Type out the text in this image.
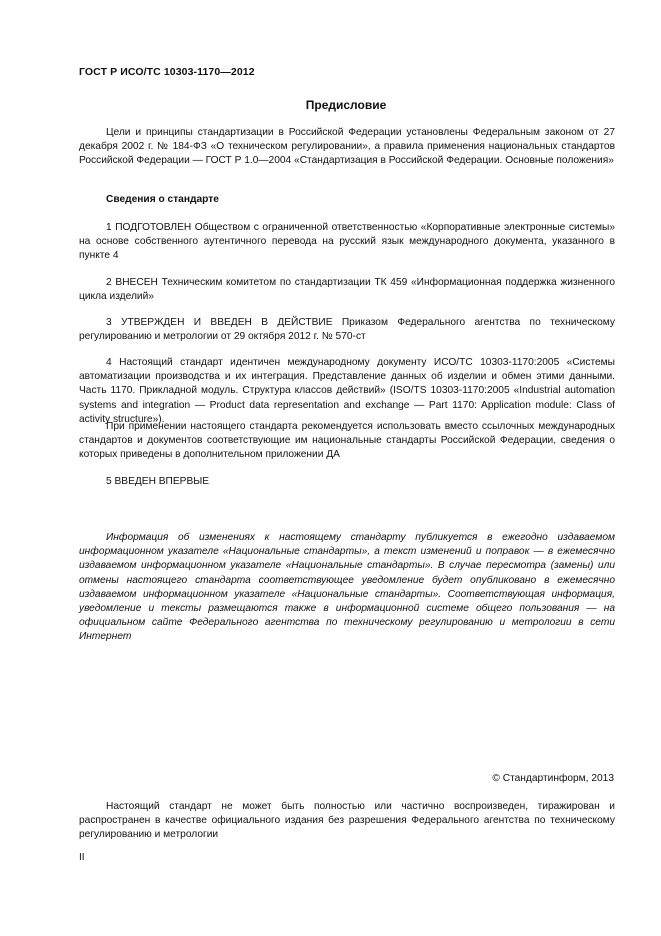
ГОСТ Р ИСО/ТС 10303-1170—2012
Предисловие
Цели и принципы стандартизации в Российской Федерации установлены Федеральным законом от 27 декабря 2002 г. № 184-ФЗ «О техническом регулировании», а правила применения национальных стандартов Российской Федерации — ГОСТ Р 1.0—2004 «Стандартизация в Российской Федерации. Основные положения»
Сведения о стандарте
1 ПОДГОТОВЛЕН Обществом с ограниченной ответственностью «Корпоративные электронные системы» на основе собственного аутентичного перевода на русский язык международного документа, указанного в пункте 4
2 ВНЕСЕН Техническим комитетом по стандартизации ТК 459 «Информационная поддержка жизненного цикла изделий»
3 УТВЕРЖДЕН И ВВЕДЕН В ДЕЙСТВИЕ Приказом Федерального агентства по техническому регулированию и метрологии от 29 октября 2012 г. № 570-ст
4 Настоящий стандарт идентичен международному документу ИСО/ТС 10303-1170:2005 «Системы автоматизации производства и их интеграция. Представление данных об изделии и обмен этими данными. Часть 1170. Прикладной модуль. Структура классов действий» (ISO/TS 10303-1170:2005 «Industrial automation systems and integration — Product data representation and exchange — Part 1170: Application module: Class of activity structure»).
При применении настоящего стандарта рекомендуется использовать вместо ссылочных международных стандартов и документов соответствующие им национальные стандарты Российской Федерации, сведения о которых приведены в дополнительном приложении ДА
5 ВВЕДЕН ВПЕРВЫЕ
Информация об изменениях к настоящему стандарту публикуется в ежегодно издаваемом информационном указателе «Национальные стандарты», а текст изменений и поправок — в ежемесячно издаваемом информационном указателе «Национальные стандарты». В случае пересмотра (замены) или отмены настоящего стандарта соответствующее уведомление будет опубликовано в ежемесячно издаваемом информационном указателе «Национальные стандарты». Соответствующая информация, уведомление и тексты размещаются также в информационной системе общего пользования — на официальном сайте Федерального агентства по техническому регулированию и метрологии в сети Интернет
© Стандартинформ, 2013
Настоящий стандарт не может быть полностью или частично воспроизведен, тиражирован и распространен в качестве официального издания без разрешения Федерального агентства по техническому регулированию и метрологии
II
